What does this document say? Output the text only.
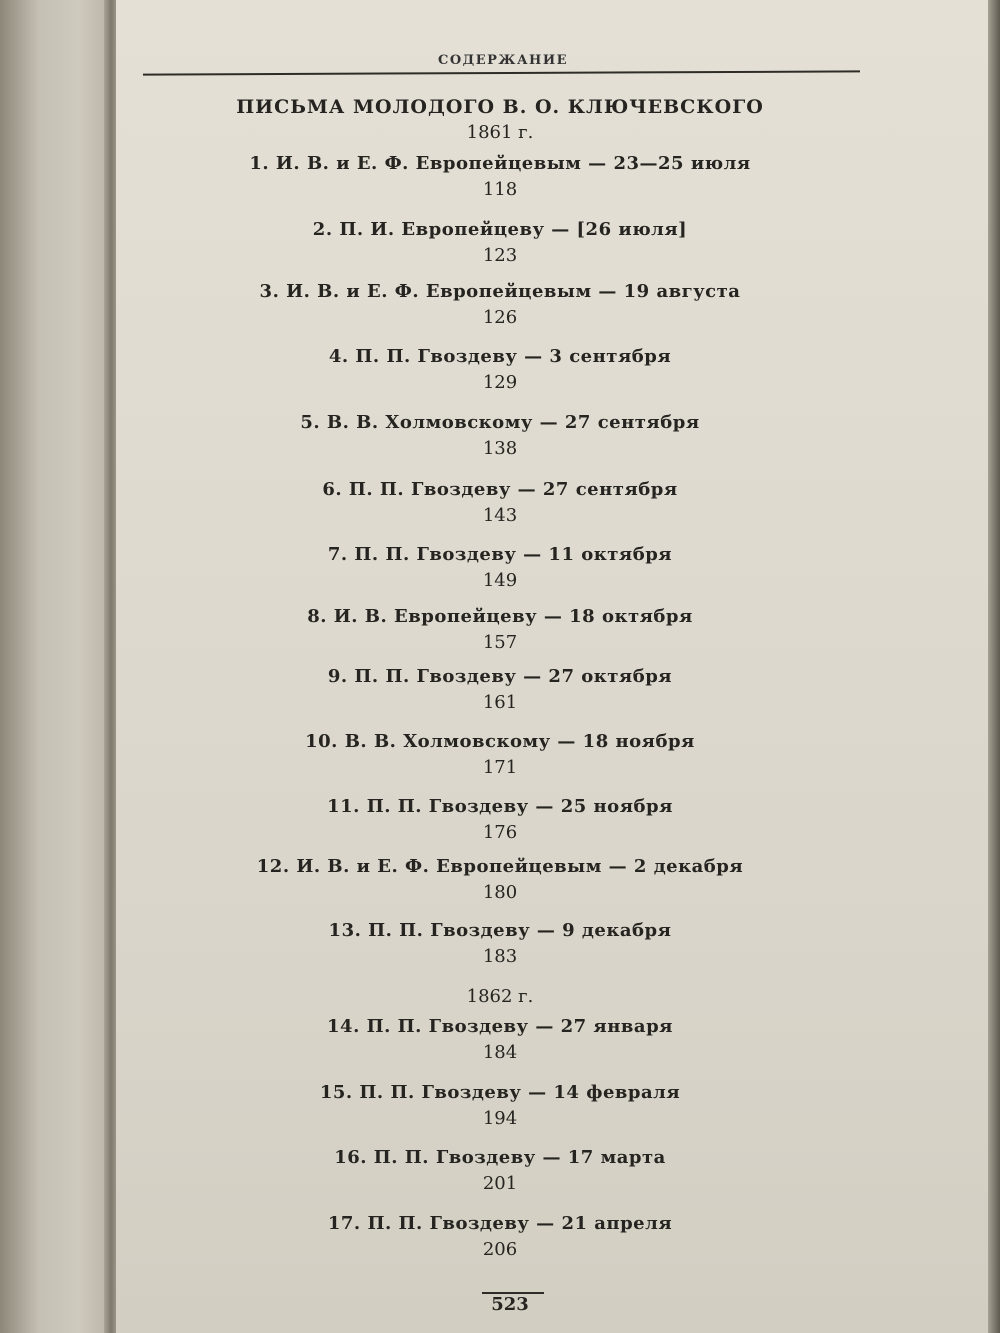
СОДЕРЖАНИЕ
ПИСЬМА МОЛОДОГО В. О. КЛЮЧЕВСКОГО
1861 г.
1. И. В. и Е. Ф. Европейцевым — 23—25 июля
118
2. П. И. Европейцеву — [26 июля]
123
3. И. В. и Е. Ф. Европейцевым — 19 августа
126
4. П. П. Гвоздеву — 3 сентября
129
5. В. В. Холмовскому — 27 сентября
138
6. П. П. Гвоздеву — 27 сентября
143
7. П. П. Гвоздеву — 11 октября
149
8. И. В. Европейцеву — 18 октября
157
9. П. П. Гвоздеву — 27 октября
161
10. В. В. Холмовскому — 18 ноября
171
11. П. П. Гвоздеву — 25 ноября
176
12. И. В. и Е. Ф. Европейцевым — 2 декабря
180
13. П. П. Гвоздеву — 9 декабря
183
1862 г.
14. П. П. Гвоздеву — 27 января
184
15. П. П. Гвоздеву — 14 февраля
194
16. П. П. Гвоздеву — 17 марта
201
17. П. П. Гвоздеву — 21 апреля
206
523
